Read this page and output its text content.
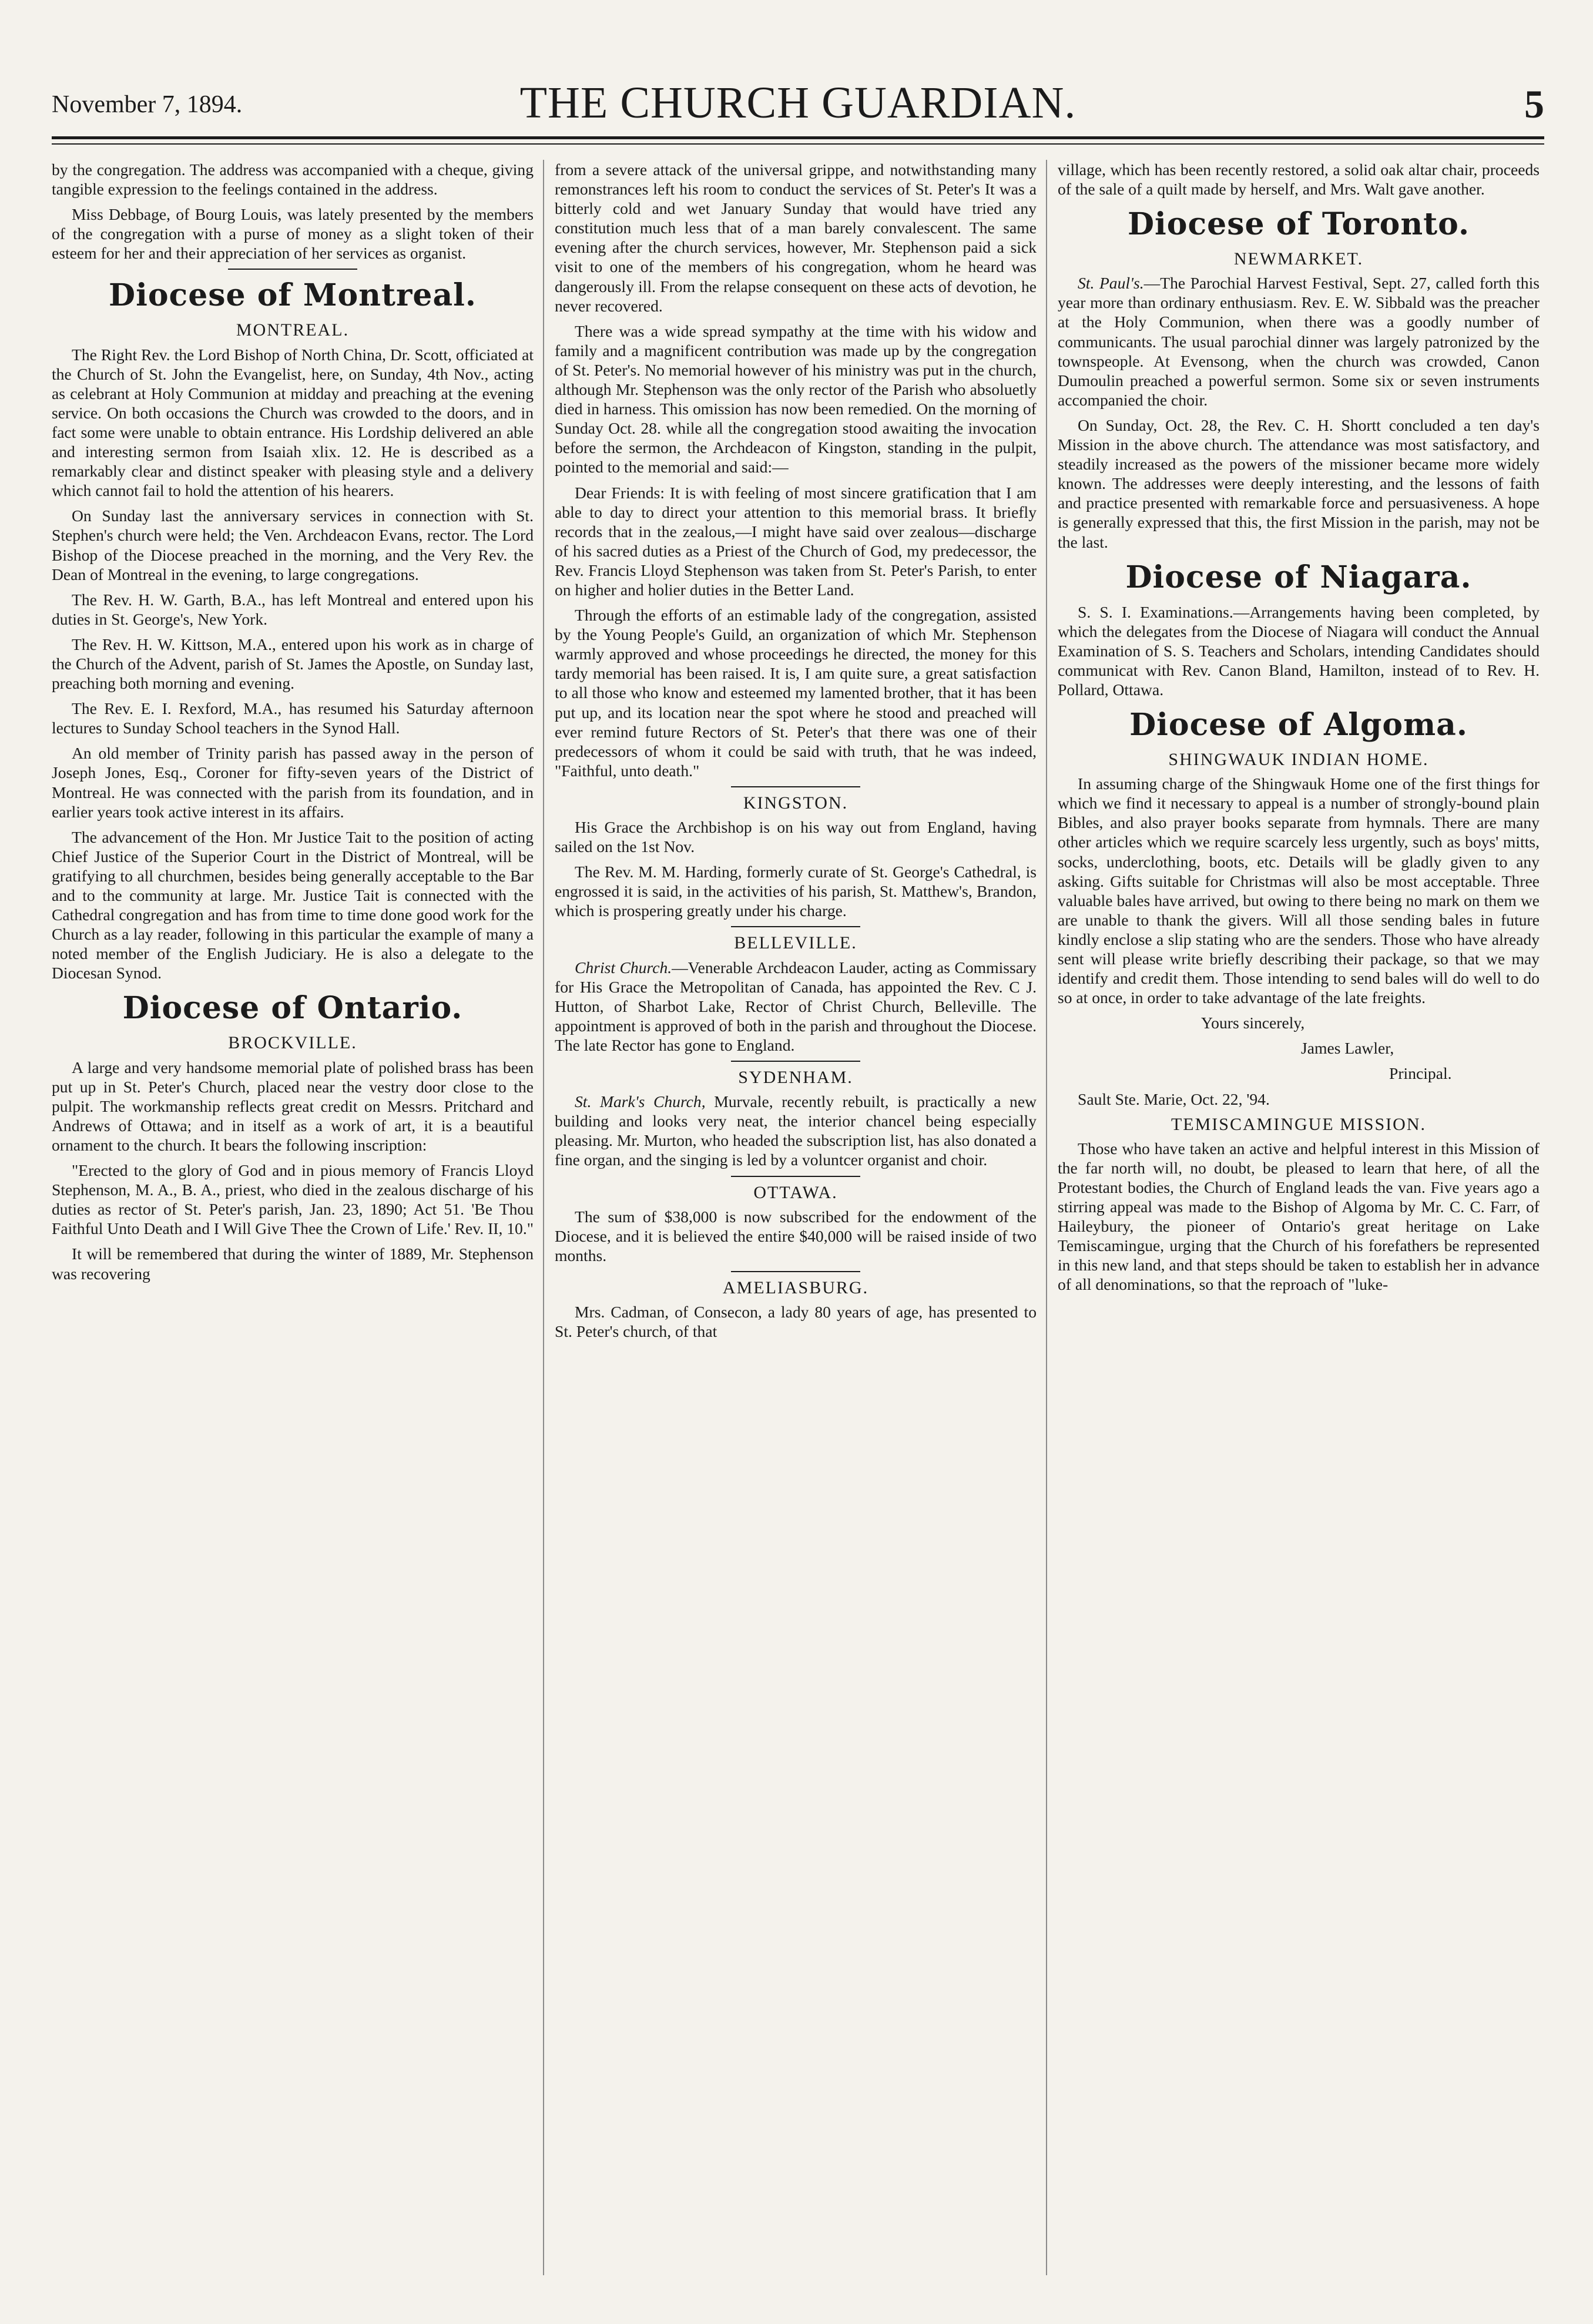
November 7, 1894.	THE CHURCH GUARDIAN.	5

by the congregation. The address was accompanied with a cheque, giving tangible expression to the feelings contained in the address.

Miss Debbage, of Bourg Louis, was lately presented by the members of the congregation with a purse of money as a slight token of their esteem for her and their appreciation of her services as organist.

Diocese of Montreal.
MONTREAL.

The Right Rev. the Lord Bishop of North China, Dr. Scott, officiated at the Church of St. John the Evangelist, here, on Sunday, 4th Nov., acting as celebrant at Holy Communion at midday and preaching at the evening service. On both occasions the Church was crowded to the doors, and in fact some were unable to obtain entrance. His Lordship delivered an able and interesting sermon from Isaiah xlix. 12. He is described as a remarkably clear and distinct speaker with pleasing style and a delivery which cannot fail to hold the attention of his hearers.

On Sunday last the anniversary services in connection with St. Stephen's church were held; the Ven. Archdeacon Evans, rector. The Lord Bishop of the Diocese preached in the morning, and the Very Rev. the Dean of Montreal in the evening, to large congregations.

The Rev. H. W. Garth, B.A., has left Montreal and entered upon his duties in St. George's, New York.

The Rev. H. W. Kittson, M.A., entered upon his work as in charge of the Church of the Advent, parish of St. James the Apostle, on Sunday last, preaching both morning and evening.

The Rev. E. I. Rexford, M.A., has resumed his Saturday afternoon lectures to Sunday School teachers in the Synod Hall.

An old member of Trinity parish has passed away in the person of Joseph Jones, Esq., Coroner for fifty-seven years of the District of Montreal. He was connected with the parish from its foundation, and in earlier years took active interest in its affairs.

The advancement of the Hon. Mr Justice Tait to the position of acting Chief Justice of the Superior Court in the District of Montreal, will be gratifying to all churchmen, besides being generally acceptable to the Bar and to the community at large. Mr. Justice Tait is connected with the Cathedral congregation and has from time to time done good work for the Church as a lay reader, following in this particular the example of many a noted member of the English Judiciary. He is also a delegate to the Diocesan Synod.

Diocese of Ontario.
BROCKVILLE.

A large and very handsome memorial plate of polished brass has been put up in St. Peter's Church, placed near the vestry door close to the pulpit. The workmanship reflects great credit on Messrs. Pritchard and Andrews of Ottawa; and in itself as a work of art, it is a beautiful ornament to the church. It bears the following inscription:

"Erected to the glory of God and in pious memory of Francis Lloyd Stephenson, M. A., B. A., priest, who died in the zealous discharge of his duties as rector of St. Peter's parish, Jan. 23, 1890; Act 51. 'Be Thou Faithful Unto Death and I Will Give Thee the Crown of Life.' Rev. II, 10."

It will be remembered that during the winter of 1889, Mr. Stephenson was recovering

from a severe attack of the universal grippe, and notwithstanding many remonstrances left his room to conduct the services of St. Peter's It was a bitterly cold and wet January Sunday that would have tried any constitution much less that of a man barely convalescent. The same evening after the church services, however, Mr. Stephenson paid a sick visit to one of the members of his congregation, whom he heard was dangerously ill. From the relapse consequent on these acts of devotion, he never recovered.

There was a wide spread sympathy at the time with his widow and family and a magnificent contribution was made up by the congregation of St. Peter's. No memorial however of his ministry was put in the church, although Mr. Stephenson was the only rector of the Parish who absoluetly died in harness. This omission has now been remedied. On the morning of Sunday Oct. 28. while all the congregation stood awaiting the invocation before the sermon, the Archdeacon of Kingston, standing in the pulpit, pointed to the memorial and said:—

Dear Friends: It is with feeling of most sincere gratification that I am able to day to direct your attention to this memorial brass. It briefly records that in the zealous,—I might have said over zealous—discharge of his sacred duties as a Priest of the Church of God, my predecessor, the Rev. Francis Lloyd Stephenson was taken from St. Peter's Parish, to enter on higher and holier duties in the Better Land.

Through the efforts of an estimable lady of the congregation, assisted by the Young People's Guild, an organization of which Mr. Stephenson warmly approved and whose proceedings he directed, the money for this tardy memorial has been raised. It is, I am quite sure, a great satisfaction to all those who know and esteemed my lamented brother, that it has been put up, and its location near the spot where he stood and preached will ever remind future Rectors of St. Peter's that there was one of their predecessors of whom it could be said with truth, that he was indeed, "Faithful, unto death."

KINGSTON.

His Grace the Archbishop is on his way out from England, having sailed on the 1st Nov.

The Rev. M. M. Harding, formerly curate of St. George's Cathedral, is engrossed it is said, in the activities of his parish, St. Matthew's, Brandon, which is prospering greatly under his charge.

BELLEVILLE.

Christ Church.—Venerable Archdeacon Lauder, acting as Commissary for His Grace the Metropolitan of Canada, has appointed the Rev. C J. Hutton, of Sharbot Lake, Rector of Christ Church, Belleville. The appointment is approved of both in the parish and throughout the Diocese. The late Rector has gone to England.

SYDENHAM.

St. Mark's Church, Murvale, recently rebuilt, is practically a new building and looks very neat, the interior chancel being especially pleasing. Mr. Murton, who headed the subscription list, has also donated a fine organ, and the singing is led by a voluntcer organist and choir.

OTTAWA.

The sum of $38,000 is now subscribed for the endowment of the Diocese, and it is believed the entire $40,000 will be raised inside of two months.

AMELIASBURG.

Mrs. Cadman, of Consecon, a lady 80 years of age, has presented to St. Peter's church, of that

village, which has been recently restored, a solid oak altar chair, proceeds of the sale of a quilt made by herself, and Mrs. Walt gave another.

Diocese of Toronto.
NEWMARKET.

St. Paul's.—The Parochial Harvest Festival, Sept. 27, called forth this year more than ordinary enthusiasm. Rev. E. W. Sibbald was the preacher at the Holy Communion, when there was a goodly number of communicants. The usual parochial dinner was largely patronized by the townspeople. At Evensong, when the church was crowded, Canon Dumoulin preached a powerful sermon. Some six or seven instruments accompanied the choir.

On Sunday, Oct. 28, the Rev. C. H. Shortt concluded a ten day's Mission in the above church. The attendance was most satisfactory, and steadily increased as the powers of the missioner became more widely known. The addresses were deeply interesting, and the lessons of faith and practice presented with remarkable force and persuasiveness. A hope is generally expressed that this, the first Mission in the parish, may not be the last.

Diocese of Niagara.

S. S. I. Examinations.—Arrangements having been completed, by which the delegates from the Diocese of Niagara will conduct the Annual Examination of S. S. Teachers and Scholars, intending Candidates should communicat with Rev. Canon Bland, Hamilton, instead of to Rev. H. Pollard, Ottawa.

Diocese of Algoma.
SHINGWAUK INDIAN HOME.

In assuming charge of the Shingwauk Home one of the first things for which we find it necessary to appeal is a number of strongly-bound plain Bibles, and also prayer books separate from hymnals. There are many other articles which we require scarcely less urgently, such as boys' mitts, socks, underclothing, boots, etc. Details will be gladly given to any asking. Gifts suitable for Christmas will also be most acceptable. Three valuable bales have arrived, but owing to there being no mark on them we are unable to thank the givers. Will all those sending bales in future kindly enclose a slip stating who are the senders. Those who have already sent will please write briefly describing their package, so that we may identify and credit them. Those intending to send bales will do well to do so at once, in order to take advantage of the late freights.

Yours sincerely,

James Lawler,

Principal.

Sault Ste. Marie, Oct. 22, '94.

TEMISCAMINGUE MISSION.

Those who have taken an active and helpful interest in this Mission of the far north will, no doubt, be pleased to learn that here, of all the Protestant bodies, the Church of England leads the van. Five years ago a stirring appeal was made to the Bishop of Algoma by Mr. C. C. Farr, of Haileybury, the pioneer of Ontario's great heritage on Lake Temiscamingue, urging that the Church of his forefathers be represented in this new land, and that steps should be taken to establish her in advance of all denominations, so that the reproach of "luke-
